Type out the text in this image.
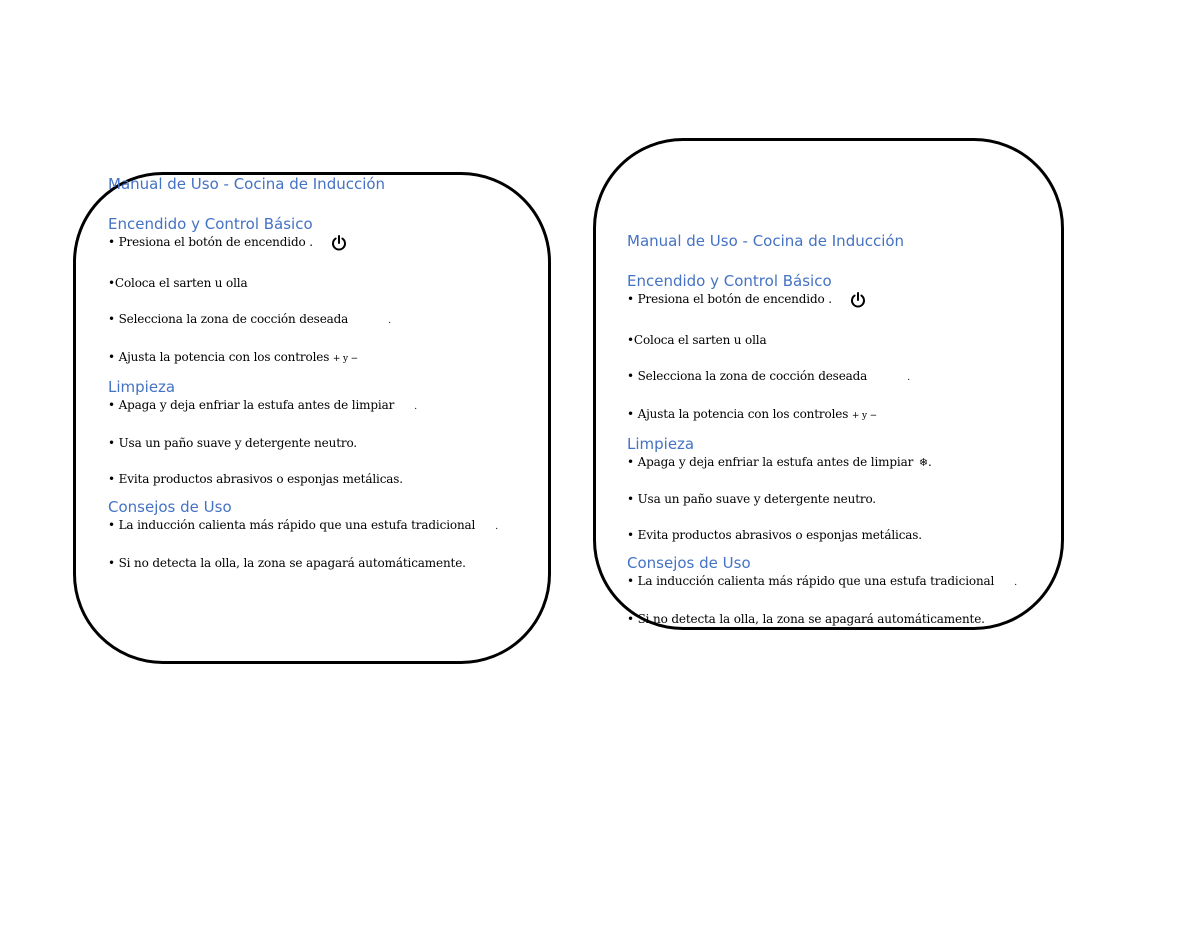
Manual de Uso - Cocina de Inducción
Encendido y Control Básico
• Presiona el botón de encendido .
•Coloca el sarten u olla
• Selecciona la zona de cocción deseada	.
• Ajusta la potencia con los controles + y −
Limpieza
• Apaga y deja enfriar la estufa antes de limpiar .
• Usa un paño suave y detergente neutro.
• Evita productos abrasivos o esponjas metálicas.
Consejos de Uso
• La inducción calienta más rápido que una estufa tradicional .
• Si no detecta la olla, la zona se apagará automáticamente.
Manual de Uso - Cocina de Inducción
Encendido y Control Básico
• Presiona el botón de encendido .
•Coloca el sarten u olla
• Selecciona la zona de cocción deseada	.
• Ajusta la potencia con los controles + y −
Limpieza
• Apaga y deja enfriar la estufa antes de limpiar ❄.
• Usa un paño suave y detergente neutro.
• Evita productos abrasivos o esponjas metálicas.
Consejos de Uso
• La inducción calienta más rápido que una estufa tradicional .
• Si no detecta la olla, la zona se apagará automáticamente.
